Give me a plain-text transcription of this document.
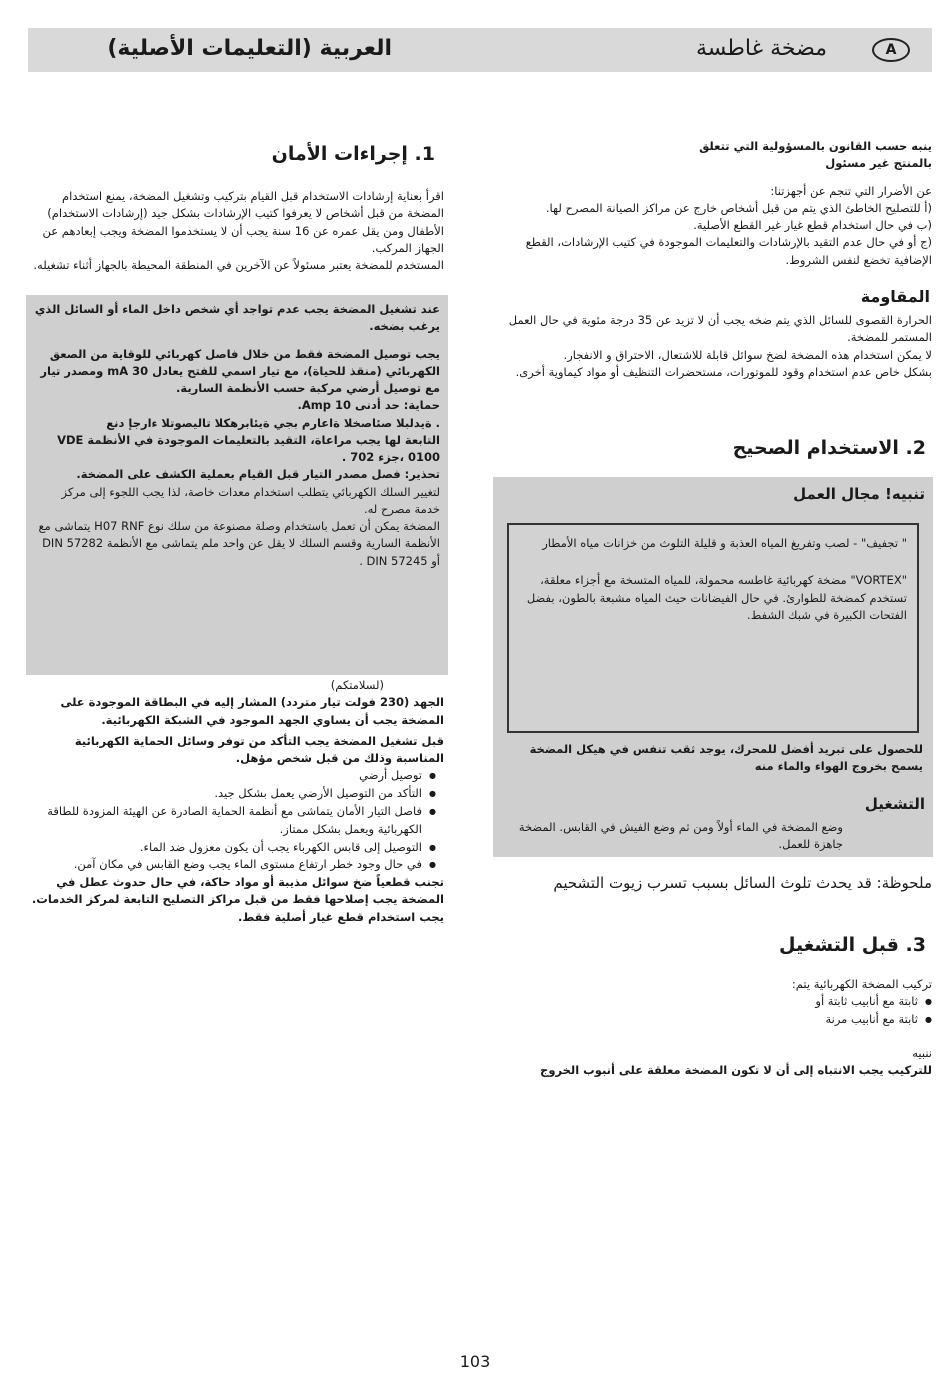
العربية (التعليمات الأصلية)	مضخة غاطسة	A

ينبه حسب القانون بالمسؤولية التي تتعلق بالمنتج غير مسئول

عن الأضرار التي تنجم عن أجهزتنا:

(أ للتصليح الخاطئ الذي يتم من قبل أشخاص خارج عن مراكز الصيانة المصرح لها.

(ب في حال استخدام قطع غيار غير القطع الأصلية.

(ج أو في حال عدم التقيد بالإرشادات والتعليمات الموجودة في كتيب الإرشادات، القطع الإضافية تخضع لنفس الشروط.

المقاومة

الحرارة القصوى للسائل الذي يتم ضخه يجب أن لا تزيد عن 35 درجة مئوية في حال العمل المستمر للمضخة.

لا يمكن استخدام هذه المضخة لضخ سوائل قابلة للاشتعال، الاحتراق و الانفجار.

بشكل خاص عدم استخدام وقود للموتورات، مستحضرات التنظيف أو مواد كيماوية أخرى.

2. الاستخدام الصحيح
تنبيه! مجال العمل

" تجفيف" - لصب وتفريغ المياه العذبة و قليلة التلوث من خزانات مياه الأمطار

"VORTEX" مضخة كهربائية غاطسه محمولة، للمياه المتسخة مع أجزاء معلقة، تستخدم كمضخة للطوارئ. في حال الفيضانات حيث المياه مشبعة بالطون، بفضل الفتحات الكبيرة في شبك الشفط.

للحصول على تبريد أفضل للمحرك، يوجد ثقب تنفس في هيكل المضخة يسمح بخروج الهواء والماء منه

التشغيل

وضع المضخة في الماء أولاً ومن ثم وضع الفيش في القابس. المضخة جاهزة للعمل.

ملحوظة: قد يحدث تلوث السائل بسبب تسرب زيوت التشحيم
3. قبل التشغيل

تركيب المضخة الكهربائية يتم:

● ثابتة مع أنابيب ثابتة أو
● ثابتة مع أنابيب مرنة

ننبيه

للتركيب يجب الانتباه إلى أن لا تكون المضخة معلقة على أنبوب الخروج

1. إجراءات الأمان

اقرأ بعناية إرشادات الاستخدام قبل القيام بتركيب وتشغيل المضخة، يمنع استخدام المضخة من قبل أشخاص لا يعرفوا كتيب الإرشادات بشكل جيد (إرشادات الاستخدام) الأطفال ومن يقل عمره عن 16 سنة يجب أن لا يستخدموا المضخة ويجب إبعادهم عن الجهاز المركب.

المستخدم للمضخة يعتبر مسئولاً عن الآخرين في المنطقة المحيطة بالجهاز أثناء تشغيله.

عند تشغيل المضخة يجب عدم تواجد أي شخص داخل الماء أو السائل الذي يرغب بضخه.

يجب توصيل المضخة فقط من خلال فاصل كهربائي للوقاية من الصعق الكهربائي (منقذ للحياة)، مع تيار اسمي للفتح يعادل 30 mA ومصدر تيار مع توصيل أرضي مركبة حسب الأنظمة السارية.

حماية: حد أدنى 10 Amp.

. ةيدلبلا صئاصخلا ةاعارم بجي ةيئابرهكلا تاليصوتلا ءارجإ دنع

التابعة لها يجب مراعاة، التقيد بالتعليمات الموجودة في الأنظمة VDE 0100 ،جزء 702 .

تحذير: فصل مصدر التيار قبل القيام بعملية الكشف على المضخة.

لتغيير السلك الكهربائي يتطلب استخدام معدات خاصة، لذا يجب اللجوء إلى مركز خدمة مصرح له.

المضخة يمكن أن تعمل باستخدام وصلة مصنوعة من سلك نوع H07 RNF يتماشى مع الأنظمة السارية وقسم السلك لا يقل عن واحد ملم يتماشى مع الأنظمة DIN 57282 أو DIN 57245 .

(لسلامتكم)

الجهد (230 فولت تيار متردد) المشار إليه في البطاقة الموجودة على المضخة يجب أن يساوي الجهد الموجود في الشبكة الكهربائية.

قبل تشغيل المضخة يجب التأكد من توفر وسائل الحماية الكهربائية المناسبة وذلك من قبل شخص مؤهل.

● توصيل أرضي
● التأكد من التوصيل الأرضي يعمل بشكل جيد.
● فاصل التيار الأمان يتماشى مع أنظمة الحماية الصادرة عن الهيئة المزودة للطاقة الكهربائية ويعمل بشكل ممتاز.
● التوصيل إلى قابس الكهرباء يجب أن يكون معزول ضد الماء.
● في حال وجود خطر ارتفاع مستوى الماء يجب وضع القابس في مكان آمن.

تجنب قطعياً ضخ سوائل مذيبة أو مواد حاكة، في حال حدوث عطل في المضخة يجب إصلاحها فقط من قبل مراكز التصليح التابعة لمركز الخدمات.

يجب استخدام قطع غيار أصلية فقط.

103
